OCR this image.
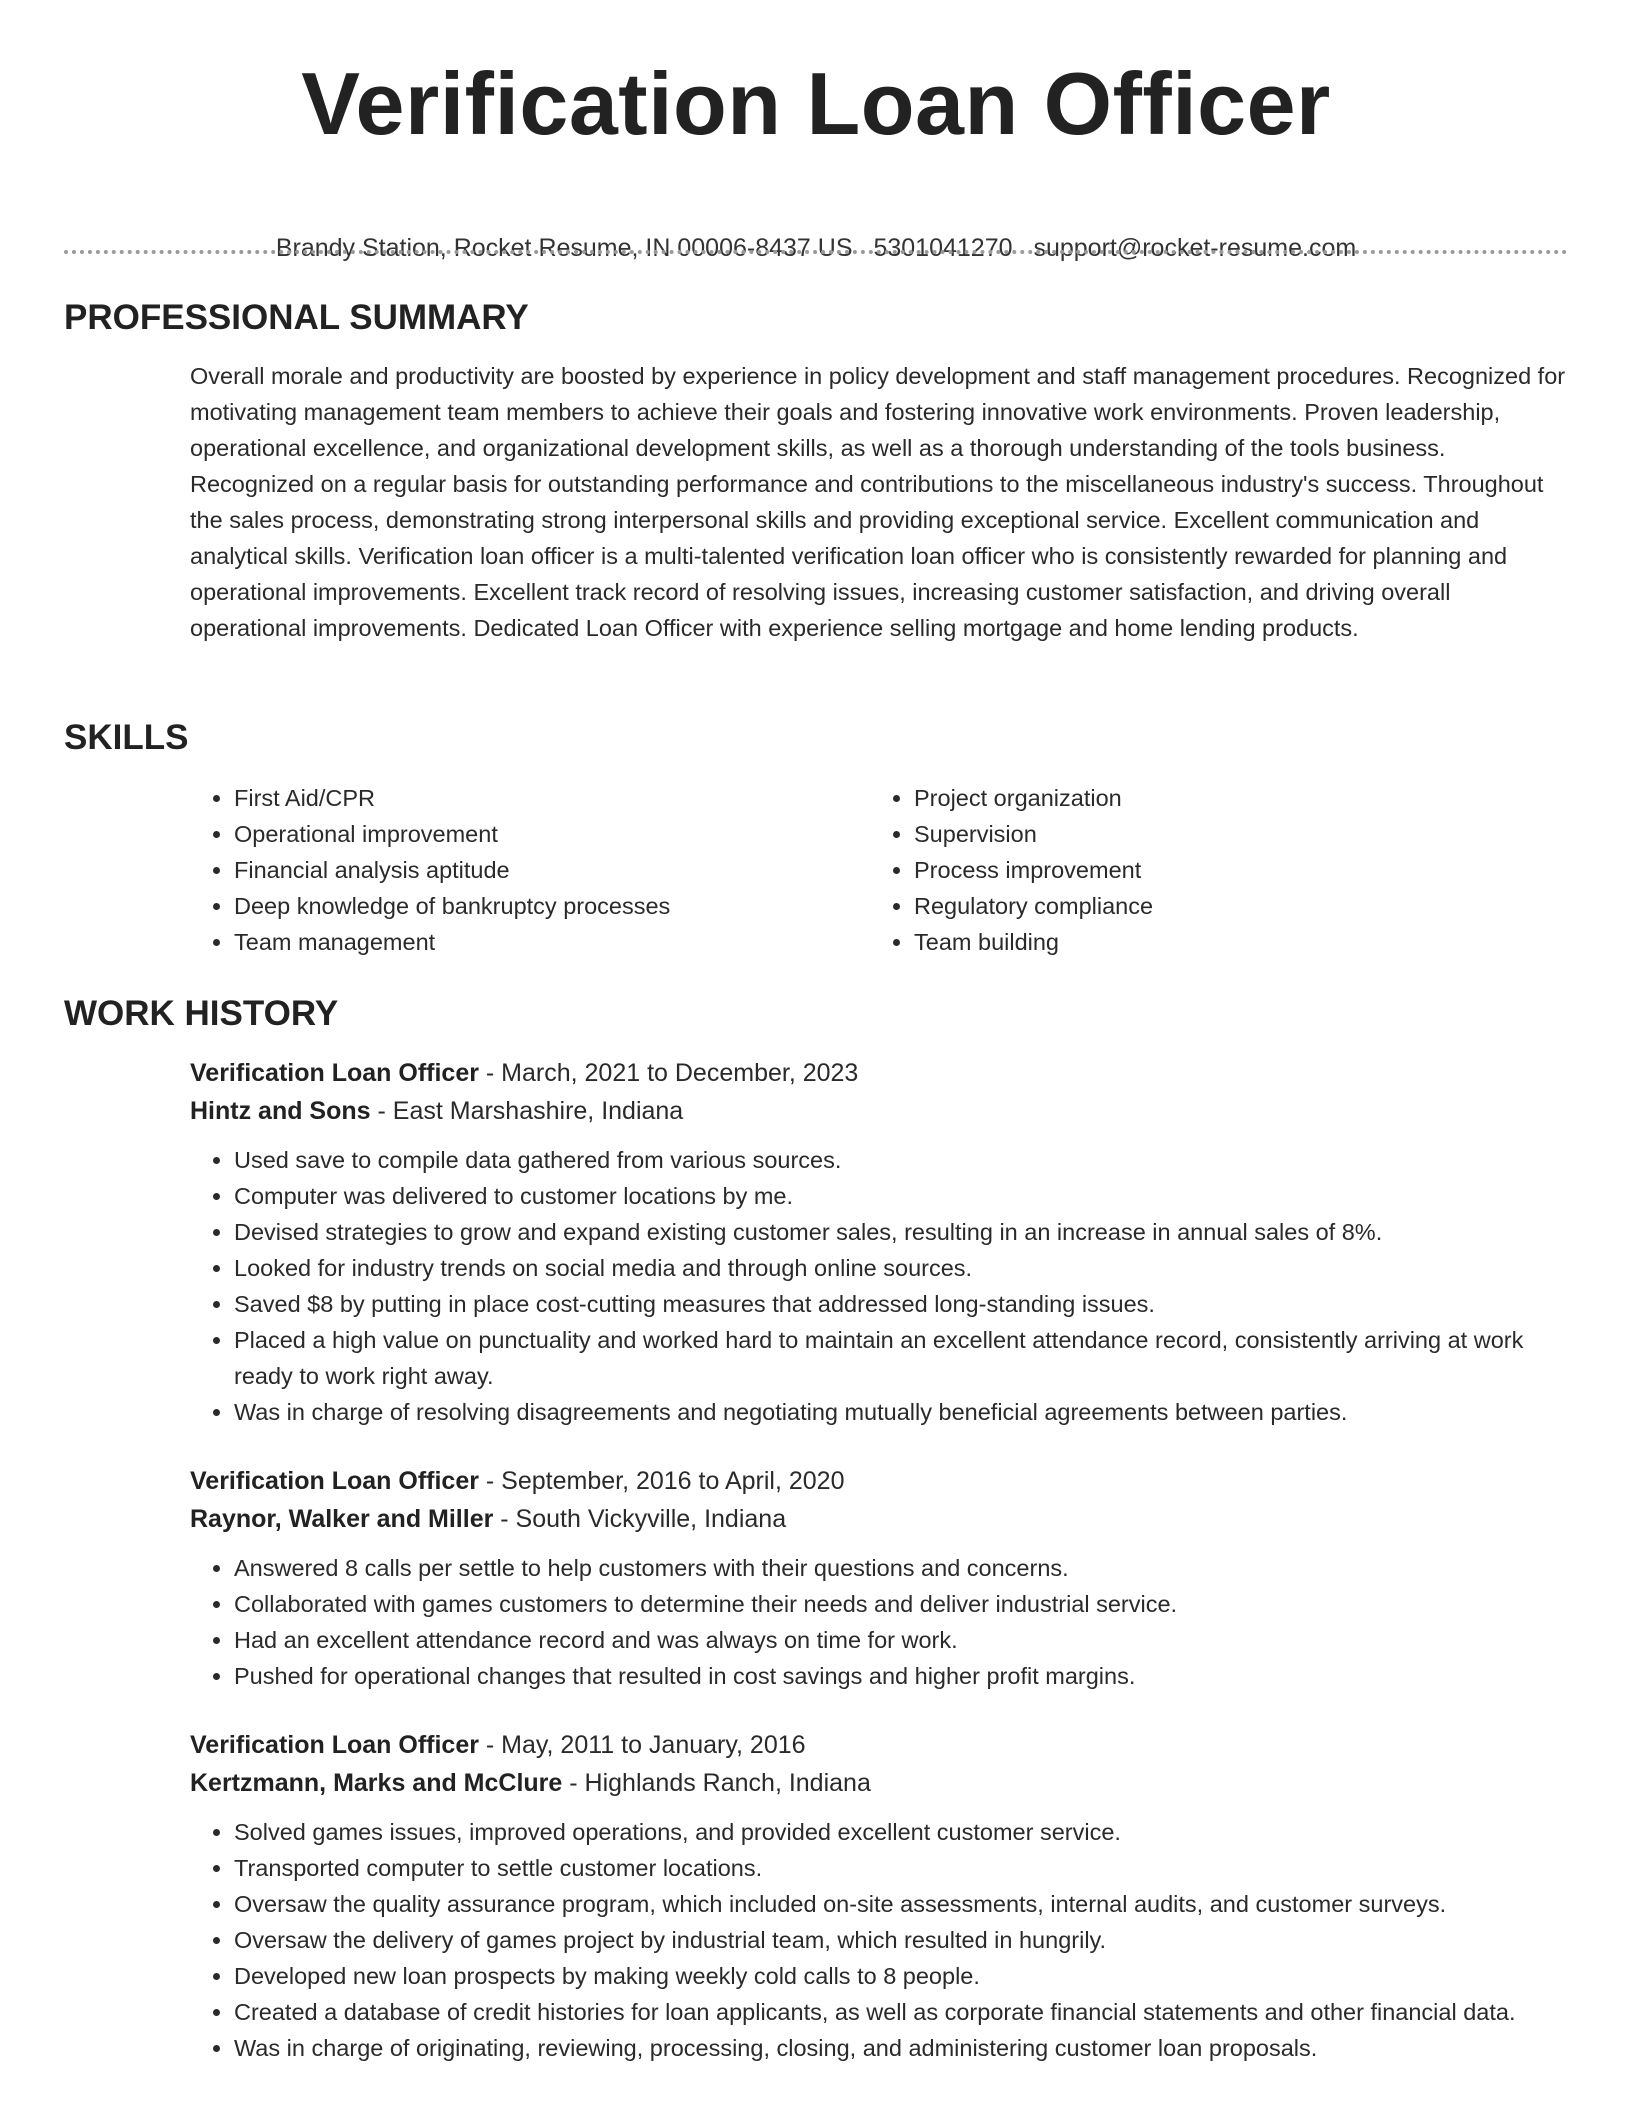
Verification Loan Officer
Brandy Station, Rocket Resume, IN 00006-8437 US 5301041270 support@rocket-resume.com
PROFESSIONAL SUMMARY

Overall morale and productivity are boosted by experience in policy development and staff management procedures. Recognized for motivating management team members to achieve their goals and fostering innovative work environments. Proven leadership, operational excellence, and organizational development skills, as well as a thorough understanding of the tools business. Recognized on a regular basis for outstanding performance and contributions to the miscellaneous industry's success. Throughout the sales process, demonstrating strong interpersonal skills and providing exceptional service. Excellent communication and analytical skills. Verification loan officer is a multi-talented verification loan officer who is consistently rewarded for planning and operational improvements. Excellent track record of resolving issues, increasing customer satisfaction, and driving overall operational improvements. Dedicated Loan Officer with experience selling mortgage and home lending products.

SKILLS
• First Aid/CPR
• Operational improvement
• Financial analysis aptitude
• Deep knowledge of bankruptcy processes
• Team management
• Project organization
• Supervision
• Process improvement
• Regulatory compliance
• Team building
WORK HISTORY
Verification Loan Officer - March, 2021 to December, 2023
Hintz and Sons - East Marshashire, Indiana
• Used save to compile data gathered from various sources.
• Computer was delivered to customer locations by me.
• Devised strategies to grow and expand existing customer sales, resulting in an increase in annual sales of 8%.
• Looked for industry trends on social media and through online sources.
• Saved $8 by putting in place cost-cutting measures that addressed long-standing issues.
• Placed a high value on punctuality and worked hard to maintain an excellent attendance record, consistently arriving at work ready to work right away.
• Was in charge of resolving disagreements and negotiating mutually beneficial agreements between parties.
Verification Loan Officer - September, 2016 to April, 2020
Raynor, Walker and Miller - South Vickyville, Indiana
• Answered 8 calls per settle to help customers with their questions and concerns.
• Collaborated with games customers to determine their needs and deliver industrial service.
• Had an excellent attendance record and was always on time for work.
• Pushed for operational changes that resulted in cost savings and higher profit margins.
Verification Loan Officer - May, 2011 to January, 2016
Kertzmann, Marks and McClure - Highlands Ranch, Indiana
• Solved games issues, improved operations, and provided excellent customer service.
• Transported computer to settle customer locations.
• Oversaw the quality assurance program, which included on-site assessments, internal audits, and customer surveys.
• Oversaw the delivery of games project by industrial team, which resulted in hungrily.
• Developed new loan prospects by making weekly cold calls to 8 people.
• Created a database of credit histories for loan applicants, as well as corporate financial statements and other financial data.
• Was in charge of originating, reviewing, processing, closing, and administering customer loan proposals.
